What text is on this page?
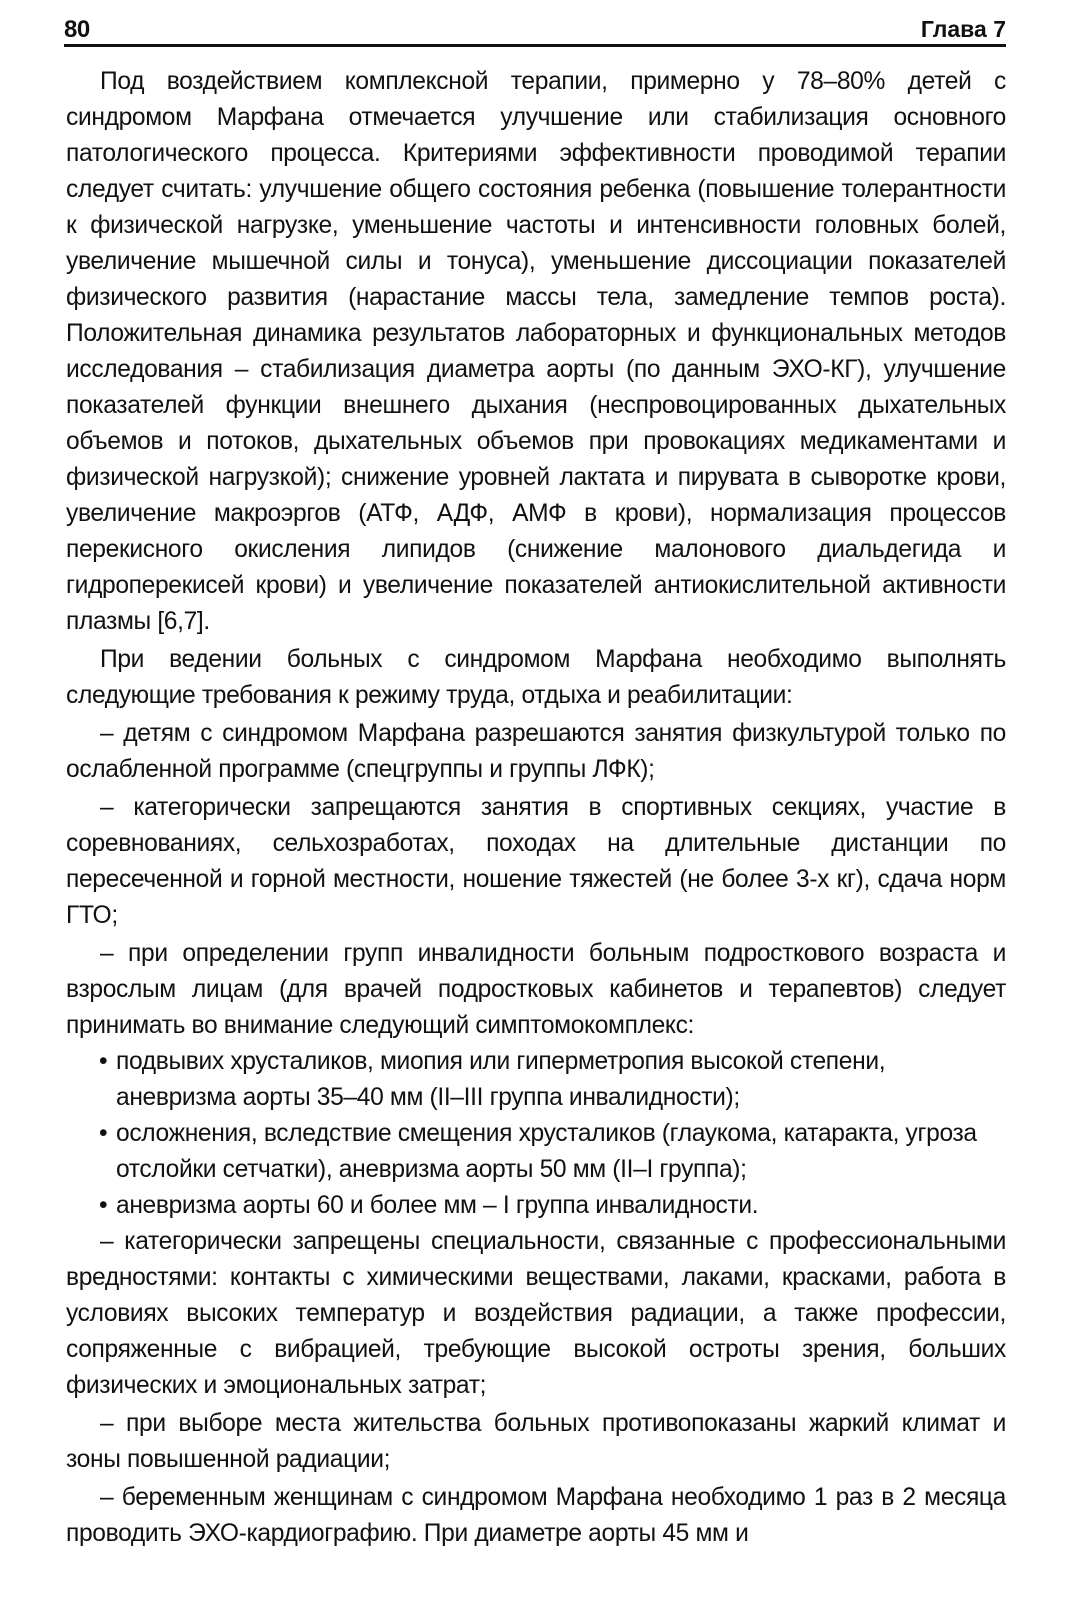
80	Глава 7

Под воздействием комплексной терапии, примерно у 78–80% детей с синдромом Марфана отмечается улучшение или стабилизация основного патологического процесса. Критериями эффективности проводимой терапии следует считать: улучшение общего состояния ребенка (повышение толерантности к физической нагрузке, уменьшение частоты и интенсивности головных болей, увеличение мышечной силы и тонуса), уменьшение диссоциации показателей физического развития (нарастание массы тела, замедление темпов роста). Положительная динамика результатов лабораторных и функциональных методов исследования – стабилизация диаметра аорты (по данным ЭХО-КГ), улучшение показателей функции внешнего дыхания (неспровоцированных дыхательных объемов и потоков, дыхательных объемов при провокациях медикаментами и физической нагрузкой); снижение уровней лактата и пирувата в сыворотке крови, увеличение макроэргов (АТФ, АДФ, АМФ в крови), нормализация процессов перекисного окисления липидов (снижение малонового диальдегида и гидроперекисей крови) и увеличение показателей антиокислительной активности плазмы [6,7].

При ведении больных с синдромом Марфана необходимо выполнять следующие требования к режиму труда, отдыха и реабилитации:

– детям с синдромом Марфана разрешаются занятия физкультурой только по ослабленной программе (спецгруппы и группы ЛФК);

– категорически запрещаются занятия в спортивных секциях, участие в соревнованиях, сельхозработах, походах на длительные дистанции по пересеченной и горной местности, ношение тяжестей (не более 3-х кг), сдача норм ГТО;

– при определении групп инвалидности больным подросткового возраста и взрослым лицам (для врачей подростковых кабинетов и терапевтов) следует принимать во внимание следующий симптомокомплекс:

• подвывих хрусталиков, миопия или гиперметропия высокой степени, аневризма аорты 35–40 мм (II–III группа инвалидности);
• осложнения, вследствие смещения хрусталиков (глаукома, катаракта, угроза отслойки сетчатки), аневризма аорты 50 мм (II–I группа);
• аневризма аорты 60 и более мм – I группа инвалидности.

– категорически запрещены специальности, связанные с профессиональными вредностями: контакты с химическими веществами, лаками, красками, работа в условиях высоких температур и воздействия радиации, а также профессии, сопряженные с вибрацией, требующие высокой остроты зрения, больших физических и эмоциональных затрат;

– при выборе места жительства больных противопоказаны жаркий климат и зоны повышенной радиации;

– беременным женщинам с синдромом Марфана необходимо 1 раз в 2 месяца проводить ЭХО-кардиографию. При диаметре аорты 45 мм и
